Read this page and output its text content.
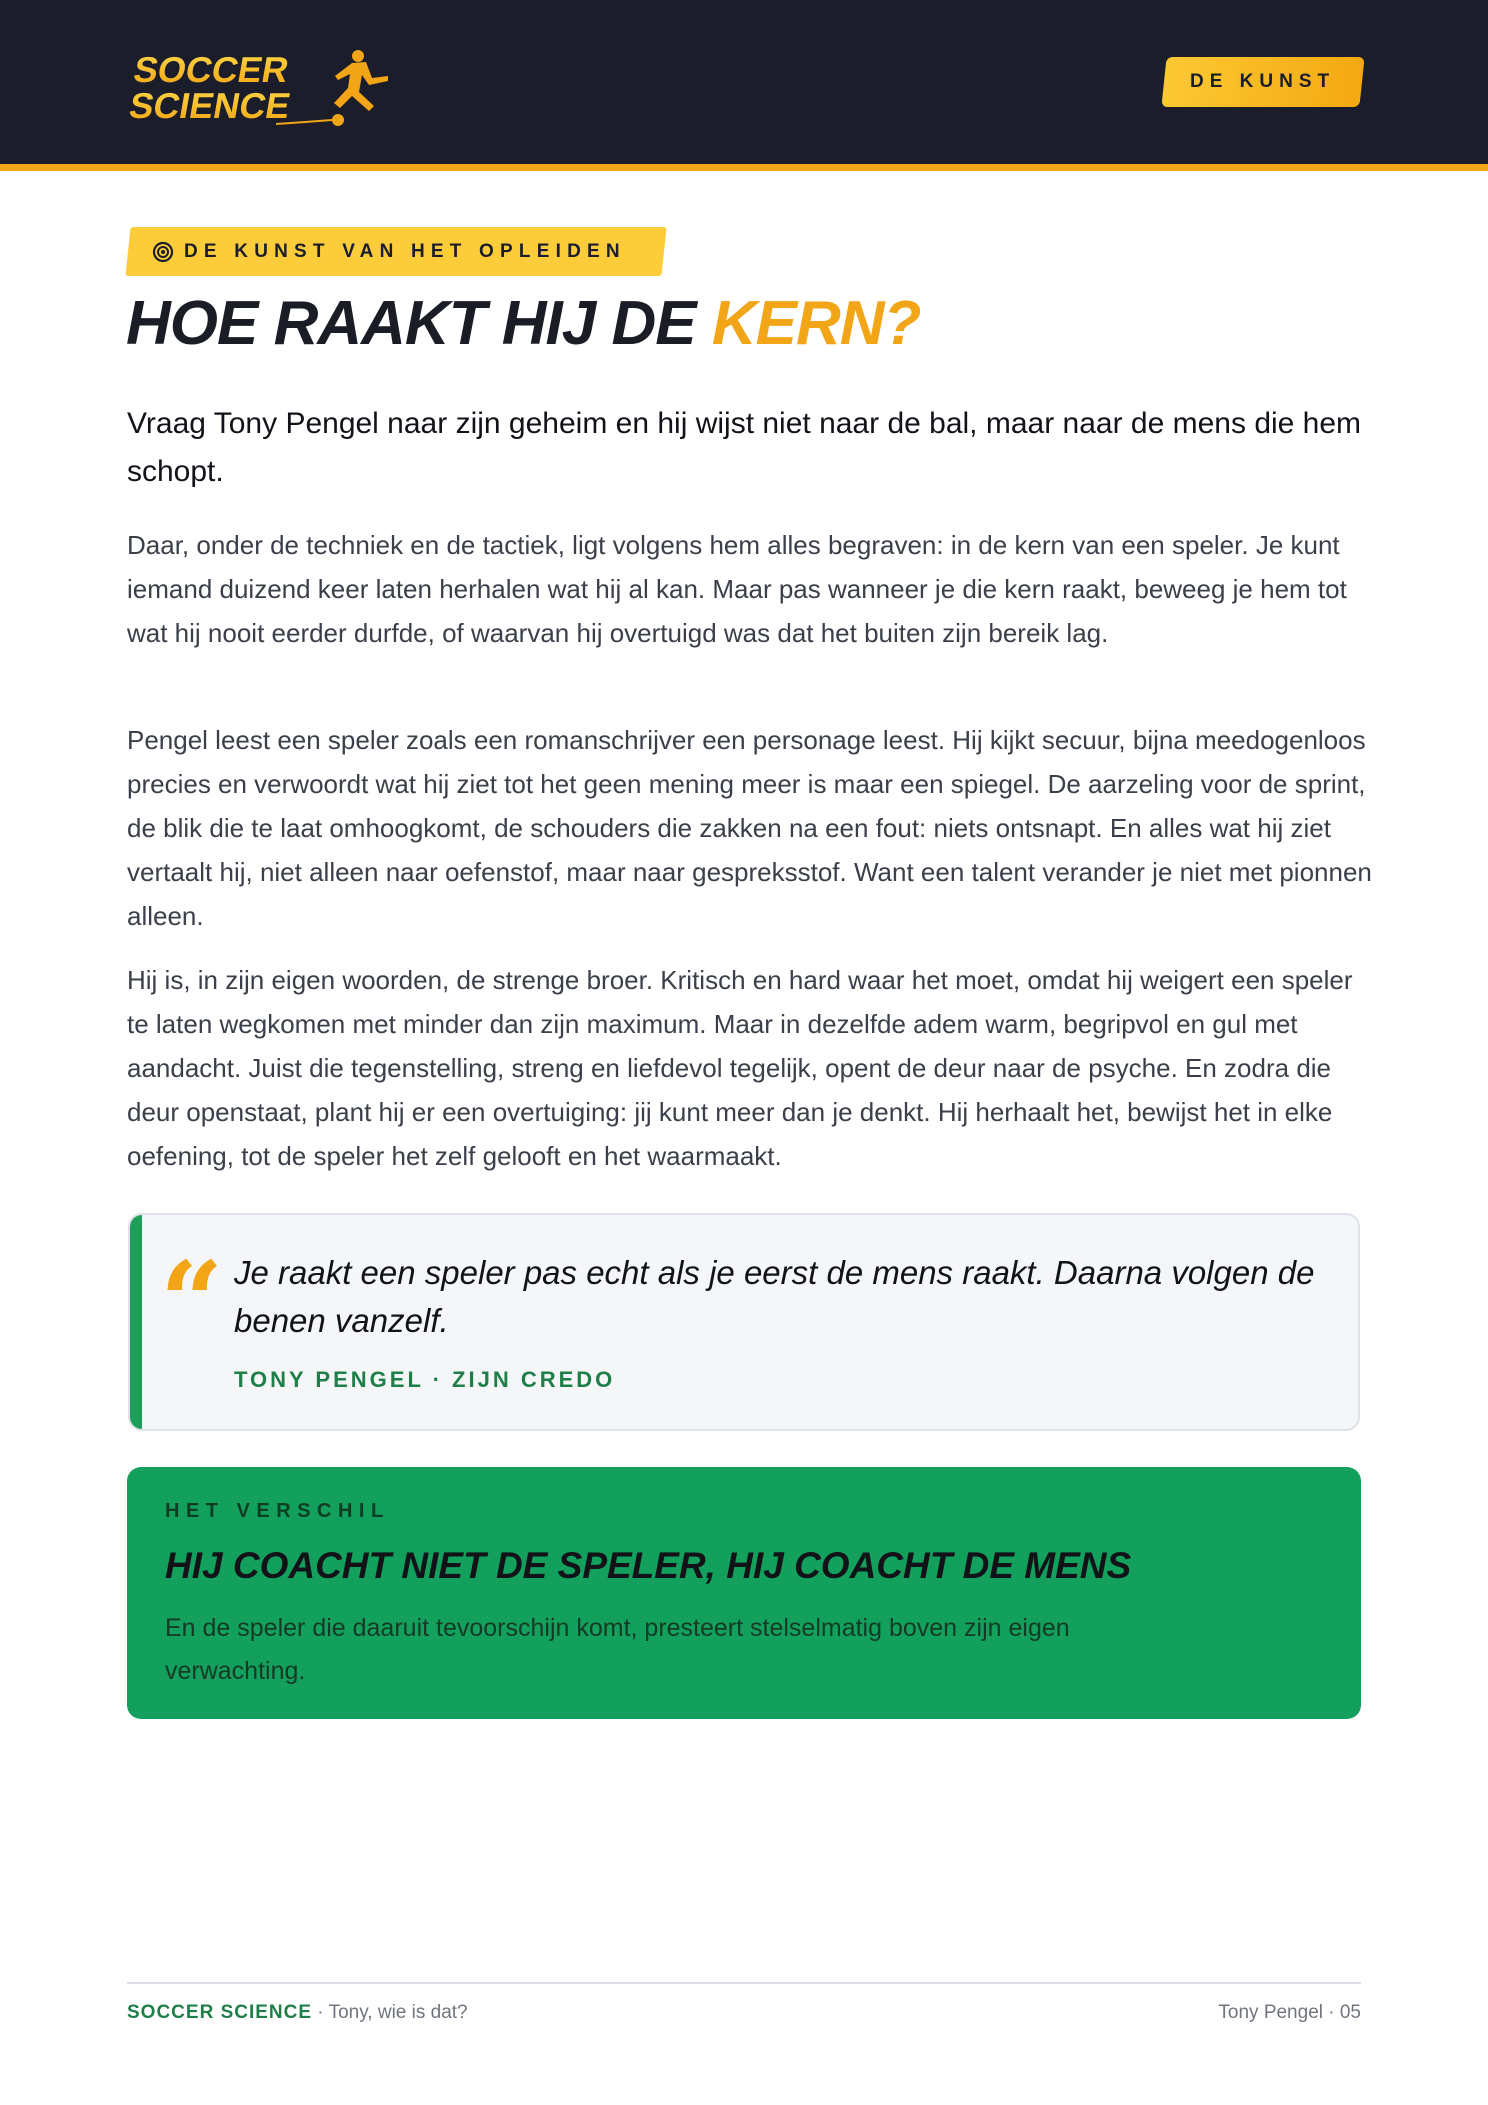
SOCCER
SCIENCE
DE KUNST
DE KUNST VAN HET OPLEIDEN
HOE RAAKT HIJ DE KERN?

Vraag Tony Pengel naar zijn geheim en hij wijst niet naar de bal, maar naar de mens die hem schopt.

Daar, onder de techniek en de tactiek, ligt volgens hem alles begraven: in de kern van een speler. Je kunt iemand duizend keer laten herhalen wat hij al kan. Maar pas wanneer je die kern raakt, beweeg je hem tot wat hij nooit eerder durfde, of waarvan hij overtuigd was dat het buiten zijn bereik lag.

Pengel leest een speler zoals een romanschrijver een personage leest. Hij kijkt secuur, bijna meedogenloos precies en verwoordt wat hij ziet tot het geen mening meer is maar een spiegel. De aarzeling voor de sprint, de blik die te laat omhoogkomt, de schouders die zakken na een fout: niets ontsnapt. En alles wat hij ziet vertaalt hij, niet alleen naar oefenstof, maar naar gespreksstof. Want een talent verander je niet met pionnen alleen.

Hij is, in zijn eigen woorden, de strenge broer. Kritisch en hard waar het moet, omdat hij weigert een speler te laten wegkomen met minder dan zijn maximum. Maar in dezelfde adem warm, begripvol en gul met aandacht. Juist die tegenstelling, streng en liefdevol tegelijk, opent de deur naar de psyche. En zodra die deur openstaat, plant hij er een overtuiging: jij kunt meer dan je denkt. Hij herhaalt het, bewijst het in elke oefening, tot de speler het zelf gelooft en het waarmaakt.

“ Je raakt een speler pas echt als je eerst de mens raakt. Daarna volgen de benen vanzelf.

TONY PENGEL · ZIJN CREDO
HET VERSCHIL
HIJ COACHT NIET DE SPELER, HIJ COACHT DE MENS

En de speler die daaruit tevoorschijn komt, presteert stelselmatig boven zijn eigen verwachting.

SOCCER SCIENCE · Tony, wie is dat?	Tony Pengel · 05
